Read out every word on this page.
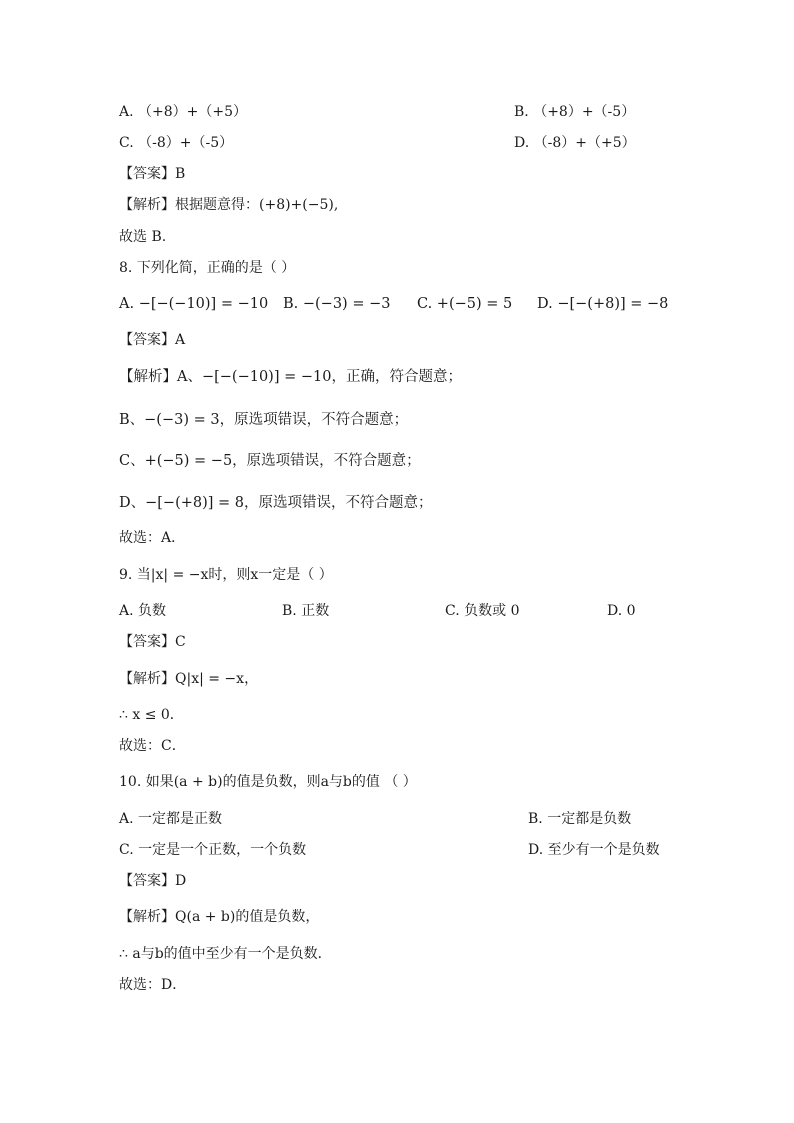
A. （+8）+（+5）	B. （+8）+（-5）
C. （-8）+（-5）	D. （-8）+（+5）
【答案】B
【解析】根据题意得：(+8)+(−5),
故选 B.
8. 下列化简，正确的是（ ）
A. −[−(−10)] = −10 B. −(−3) = −3 C. +(−5) = 5 D. −[−(+8)] = −8
【答案】A
【解析】A、−[−(−10)] = −10，正确，符合题意；
B、−(−3) = 3，原选项错误，不符合题意；
C、+(−5) = −5，原选项错误，不符合题意；
D、−[−(+8)] = 8，原选项错误，不符合题意；
故选：A．
9. 当|x| = −x时，则x一定是（ ）
A. 负数	B. 正数	C. 负数或 0	D. 0
【答案】C
【解析】Q|x| = −x，
∴ x ≤ 0．
故选：C．
10. 如果(a + b)的值是负数，则a与b的值 （ ）
A. 一定都是正数	B. 一定都是负数
C. 一定是一个正数，一个负数	D. 至少有一个是负数
【答案】D
【解析】Q(a + b)的值是负数，
∴ a与b的值中至少有一个是负数．
故选：D．
